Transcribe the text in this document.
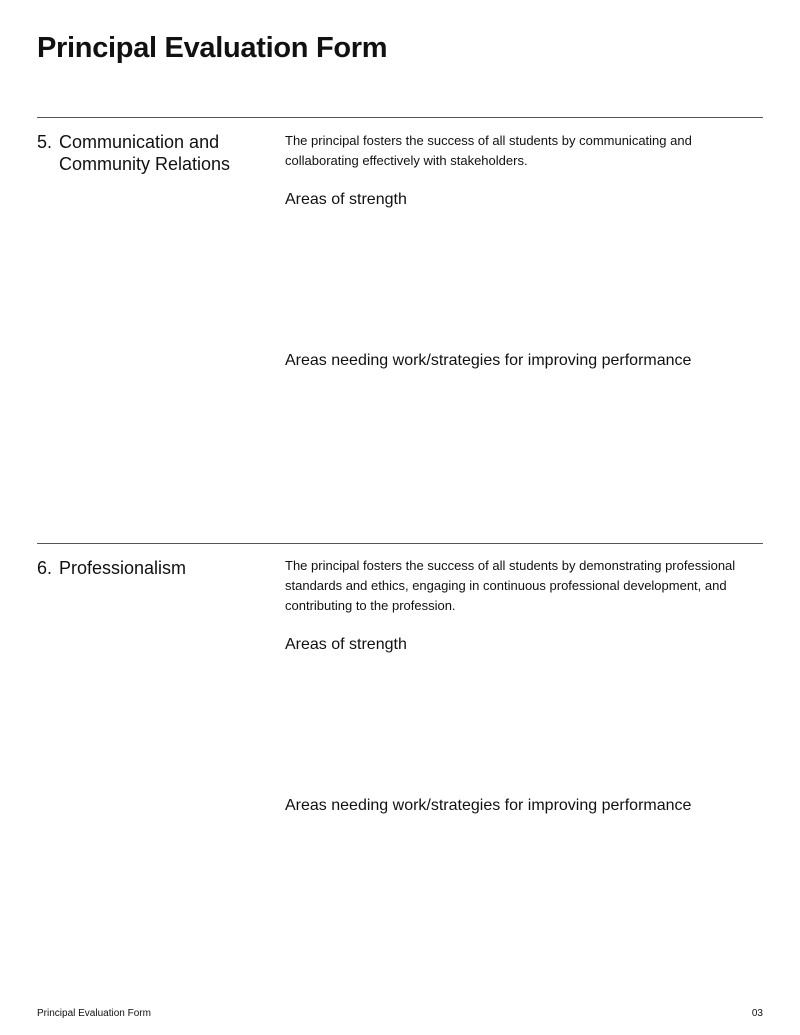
Principal Evaluation Form
5. Communication and Community Relations

The principal fosters the success of all students by communicating and collaborating effectively with stakeholders.

Areas of strength
Areas needing work/strategies for improving performance
6. Professionalism	The principal fosters the success of all students by demonstrating professional standards and ethics, engaging in continuous professional development, and contributing to the profession.

Areas of strength
Areas needing work/strategies for improving performance
Principal Evaluation Form	03
